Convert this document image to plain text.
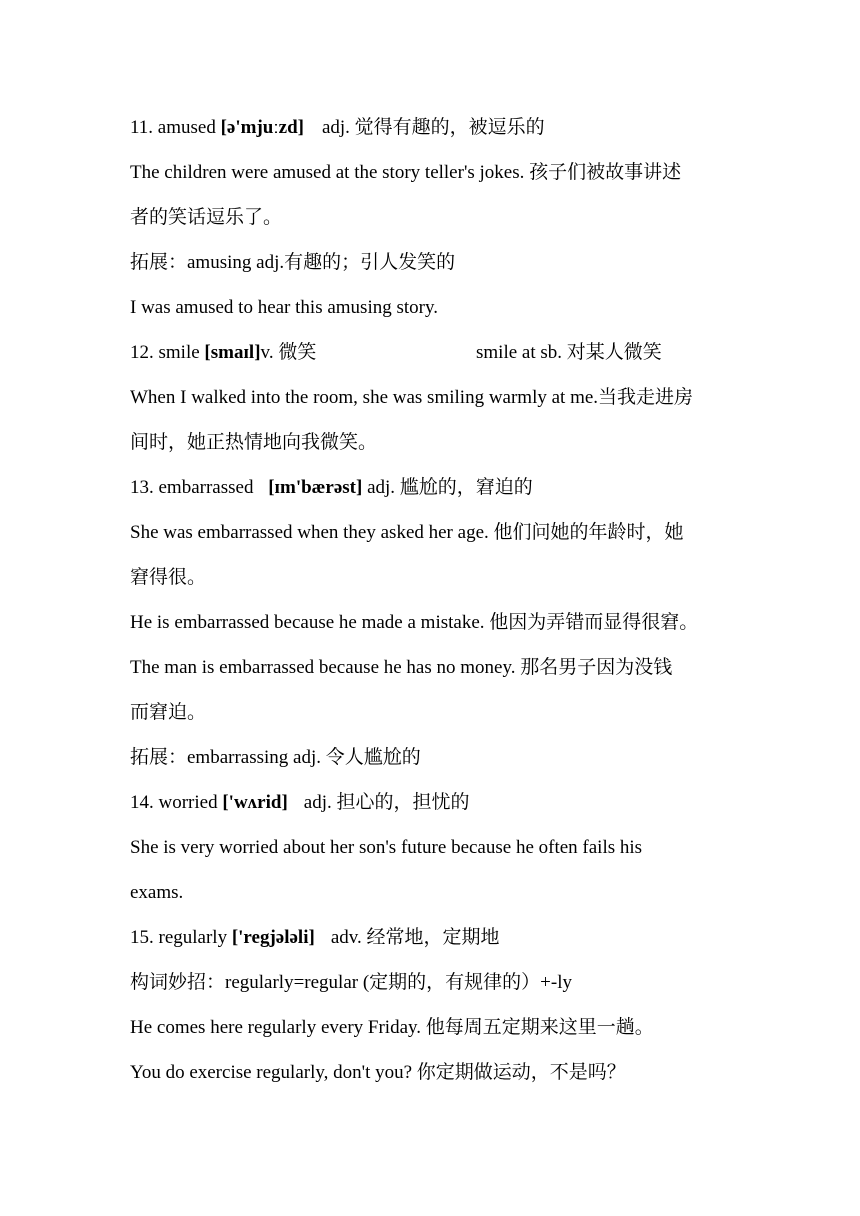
11. amused [ə'mjuːzd] adj. 觉得有趣的，被逗乐的
The children were amused at the story teller's jokes. 孩子们被故事讲述
者的笑话逗乐了。
拓展：amusing adj.有趣的；引人发笑的
I was amused to hear this amusing story.
12. smile [smaɪl]v. 微笑	smile at sb. 对某人微笑
When I walked into the room, she was smiling warmly at me.当我走进房
间时，她正热情地向我微笑。
13. embarrassed [ɪm'bærəst] adj. 尴尬的，窘迫的
She was embarrassed when they asked her age. 他们问她的年龄时，她
窘得很。
He is embarrassed because he made a mistake. 他因为弄错而显得很窘。
The man is embarrassed because he has no money. 那名男子因为没钱
而窘迫。
拓展：embarrassing adj. 令人尴尬的
14. worried ['wʌrid] adj. 担心的，担忧的
She is very worried about her son's future because he often fails his
exams.
15. regularly ['regjələli] adv. 经常地，定期地
构词妙招：regularly=regular (定期的，有规律的）+-ly
He comes here regularly every Friday. 他每周五定期来这里一趟。
You do exercise regularly, don't you? 你定期做运动，不是吗？
